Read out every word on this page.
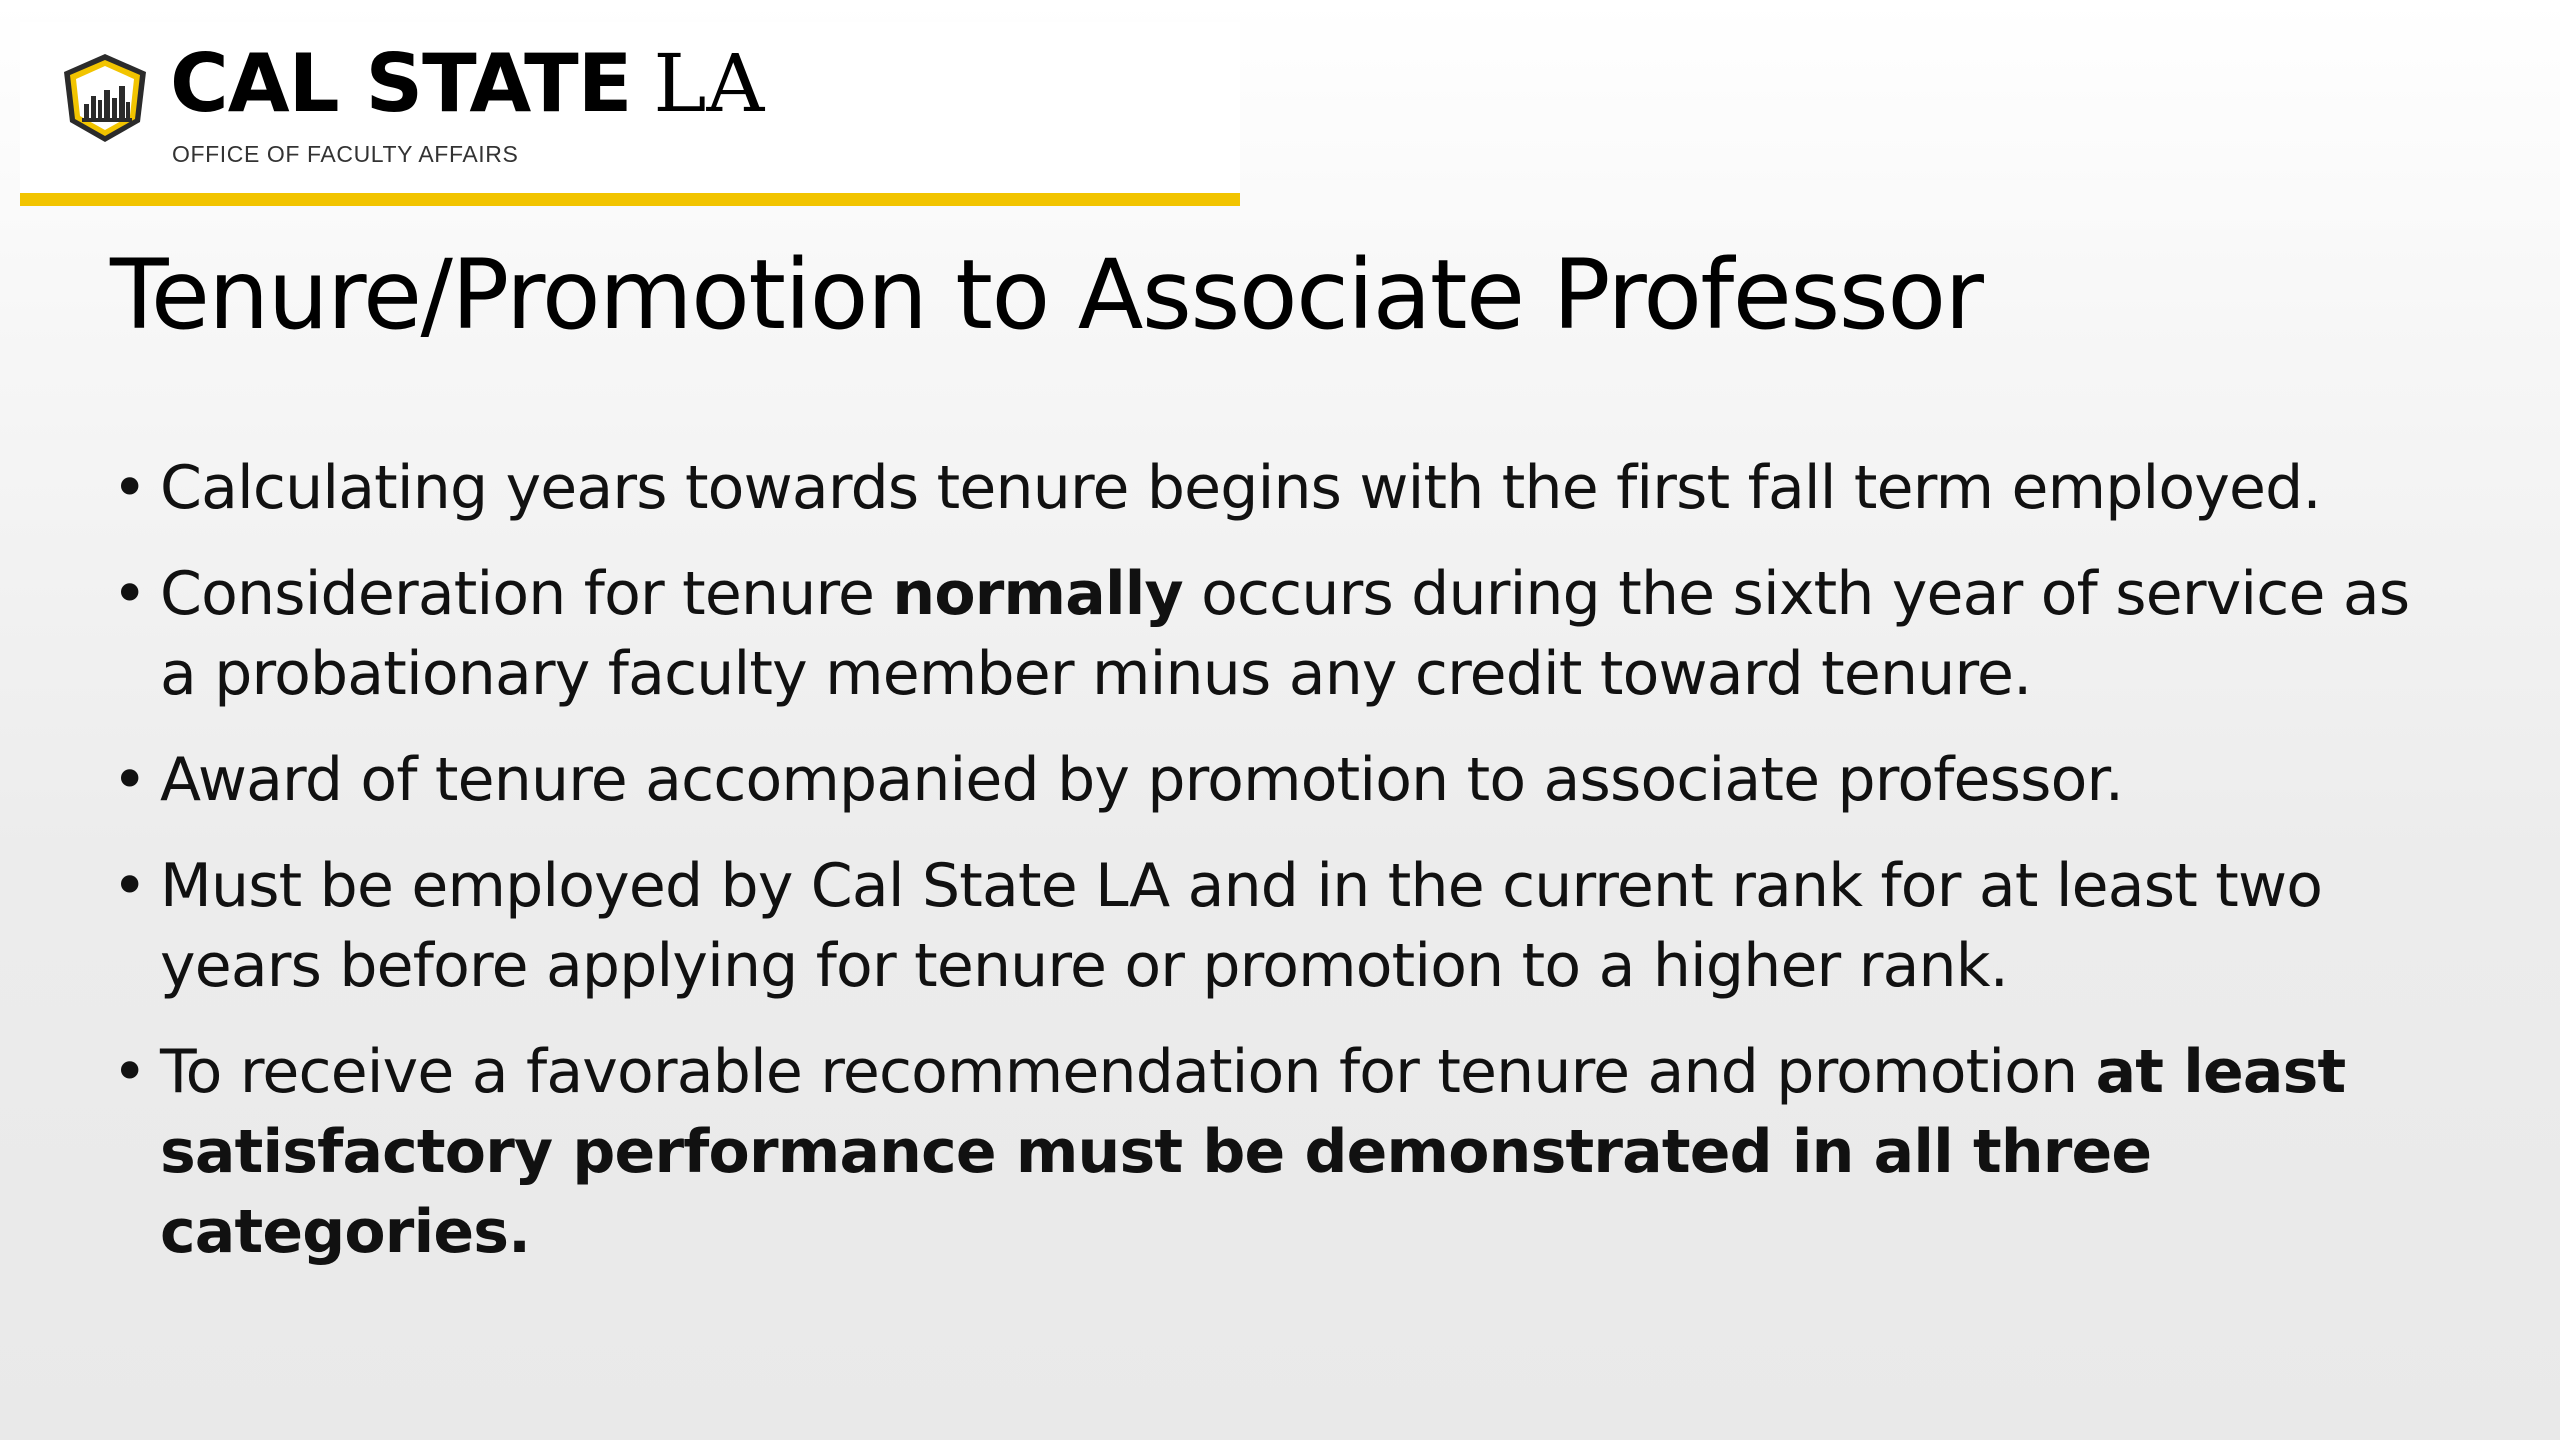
CAL STATE LA
OFFICE OF FACULTY AFFAIRS
Tenure/Promotion to Associate Professor
• Calculating years towards tenure begins with the first fall term employed.
• Consideration for tenure normally occurs during the sixth year of service as a probationary faculty member minus any credit toward tenure.
• Award of tenure accompanied by promotion to associate professor.
• Must be employed by Cal State LA and in the current rank for at least two years before applying for tenure or promotion to a higher rank.
• To receive a favorable recommendation for tenure and promotion at least satisfactory performance must be demonstrated in all three categories.
